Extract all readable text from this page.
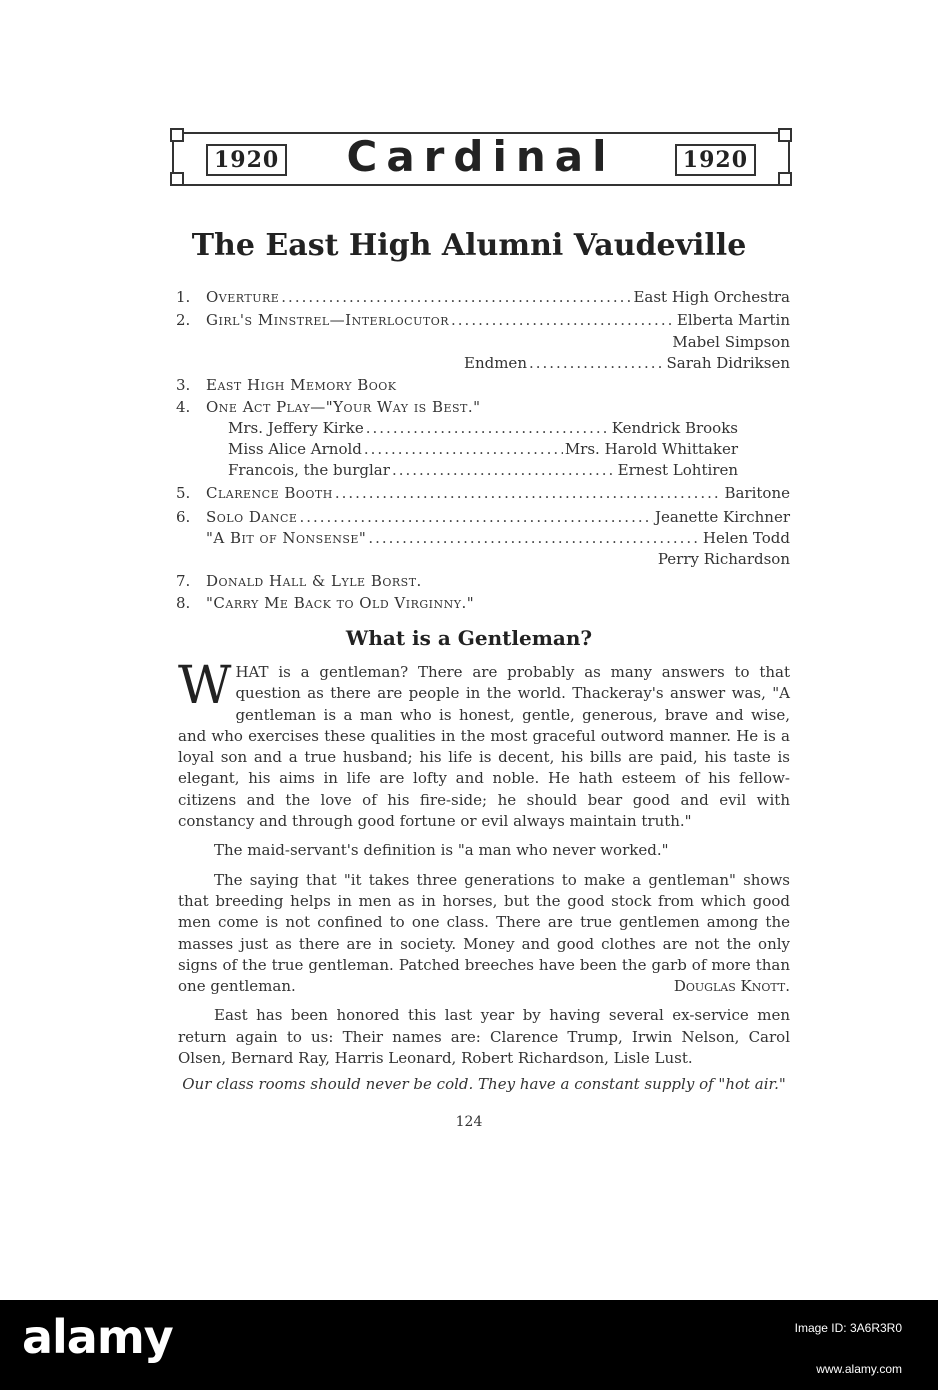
1920 Cardinal	1920
The East High Alumni Vaudeville
1.	Overture .....	East High Orchestra
2.	Girl's Minstrel—Interlocutor .....	Elberta Martin
Mabel Simpson
Endmen .....	Sarah Didriksen
3.	East High Memory Book
4.	One Act Play—"Your Way is Best."
Mrs. Jeffery Kirke .....	Kendrick Brooks
Miss Alice Arnold .....	Mrs. Harold Whittaker
Francois, the burglar .....	Ernest Lohtiren
5.	Clarence Booth .....	Baritone
6.	Solo Dance .....	Jeanette Kirchner
"A Bit of Nonsense" .....	Helen Todd
Perry Richardson
7.	Donald Hall & Lyle Borst.
8.	"Carry Me Back to Old Virginny."
What is a Gentleman?

WHAT is a gentleman? There are probably as many answers to that question as there are people in the world. Thackeray's answer was, "A gentleman is a man who is honest, gentle, generous, brave and wise, and who exercises these qualities in the most graceful outword manner. He is a loyal son and a true husband; his life is decent, his bills are paid, his taste is elegant, his aims in life are lofty and noble. He hath esteem of his fellow-citizens and the love of his fire-side; he should bear good and evil with constancy and through good fortune or evil always maintain truth."

The maid-servant's definition is "a man who never worked."

The saying that "it takes three generations to make a gentleman" shows that breeding helps in men as in horses, but the good stock from which good men come is not confined to one class. There are true gentlemen among the masses just as there are in society. Money and good clothes are not the only signs of the true gentleman. Patched breeches have been the garb of more than one gentleman.	Douglas Knott.

East has been honored this last year by having several ex-service men return again to us: Their names are: Clarence Trump, Irwin Nelson, Carol Olsen, Bernard Ray, Harris Leonard, Robert Richardson, Lisle Lust.

Our class rooms should never be cold. They have a constant supply of "hot air."
124
alamy	Image ID: 3A6R3R0
www.alamy.com
